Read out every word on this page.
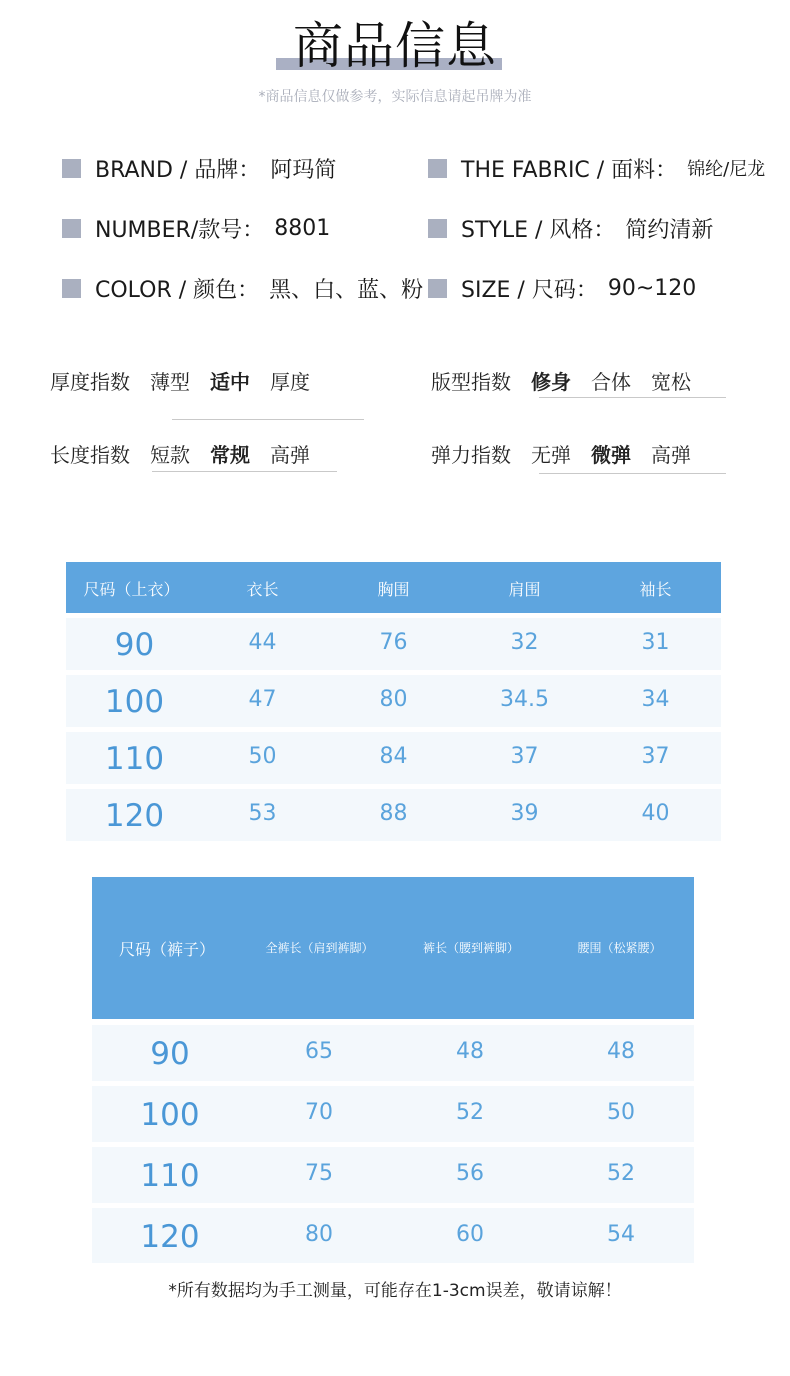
商品信息
*商品信息仅做参考，实际信息请起吊牌为准
BRAND / 品牌： 阿玛简	THE FABRIC / 面料： 锦纶/尼龙
NUMBER/款号： 8801	STYLE / 风格： 简约清新
COLOR / 颜色： 黑、白、蓝、粉 SIZE / 尺码： 90~120
厚度指数 薄型 适中 厚度	版型指数 修身 合体 宽松
长度指数 短款 常规 高弹	弹力指数 无弹 微弹 高弹
尺码（上衣）	衣长	胸围	肩围	袖长
90	44	76	32	31
100	47	80	34.5	34
110	50	84	37	37
120	53	88	39	40
尺码（裤子）	全裤长（肩到裤脚）	裤长（腰到裤脚）	腰围（松紧腰）
90	65	48	48
100	70	52	50
110	75	56	52
120	80	60	54
*所有数据均为手工测量，可能存在1-3cm误差，敬请谅解！
